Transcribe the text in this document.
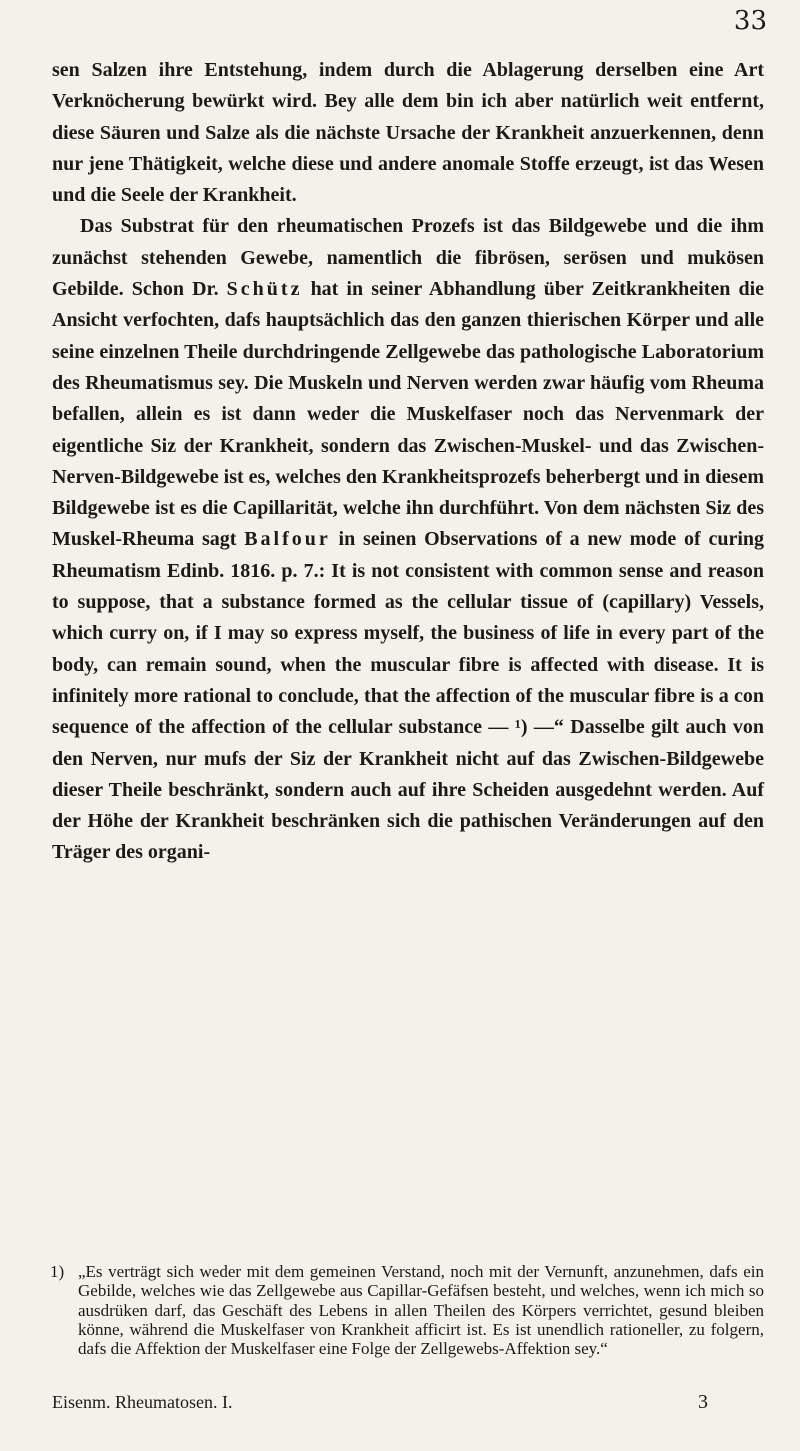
33

sen Salzen ihre Entstehung, indem durch die Ablagerung derselben eine Art Verknöcherung bewürkt wird. Bey alle dem bin ich aber natürlich weit entfernt, diese Säuren und Salze als die nächste Ursache der Krankheit anzuerkennen, denn nur jene Thätigkeit, welche diese und andere anomale Stoffe erzeugt, ist das Wesen und die Seele der Krankheit.

Das Substrat für den rheumatischen Prozefs ist das Bildgewebe und die ihm zunächst stehenden Gewebe, namentlich die fibrösen, serösen und mukösen Gebilde. Schon Dr. Schütz hat in seiner Abhandlung über Zeitkrankheiten die Ansicht verfochten, dafs hauptsächlich das den ganzen thierischen Körper und alle seine einzelnen Theile durchdringende Zellgewebe das pathologische Laboratorium des Rheumatismus sey. Die Muskeln und Nerven werden zwar häufig vom Rheuma befallen, allein es ist dann weder die Muskelfaser noch das Nervenmark der eigentliche Siz der Krankheit, sondern das Zwischen-Muskel- und das Zwischen-Nerven-Bildgewebe ist es, welches den Krankheitsprozefs beherbergt und in diesem Bildgewebe ist es die Capillarität, welche ihn durchführt. Von dem nächsten Siz des Muskel-Rheuma sagt Balfour in seinen Observations of a new mode of curing Rheumatism Edinb. 1816. p. 7.: It is not consistent with common sense and reason to suppose, that a substance formed as the cellular tissue of (capillary) Vessels, which curry on, if I may so express myself, the business of life in every part of the body, can remain sound, when the muscular fibre is affected with disease. It is infinitely more rational to conclude, that the affection of the muscular fibre is a con sequence of the affection of the cellular substance — ¹) —“ Dasselbe gilt auch von den Nerven, nur mufs der Siz der Krankheit nicht auf das Zwischen-Bildgewebe dieser Theile beschränkt, sondern auch auf ihre Scheiden ausgedehnt werden. Auf der Höhe der Krankheit beschränken sich die pathischen Veränderungen auf den Träger des organi-

1) „Es verträgt sich weder mit dem gemeinen Verstand, noch mit der Vernunft, anzunehmen, dafs ein Gebilde, welches wie das Zellgewebe aus Capillar-Gefäfsen besteht, und welches, wenn ich mich so ausdrüken darf, das Geschäft des Lebens in allen Theilen des Körpers verrichtet, gesund bleiben könne, während die Muskelfaser von Krankheit afficirt ist. Es ist unendlich rationeller, zu folgern, dafs die Affektion der Muskelfaser eine Folge der Zellgewebs-Affektion sey.“
Eisenm. Rheumatosen. I.	3
